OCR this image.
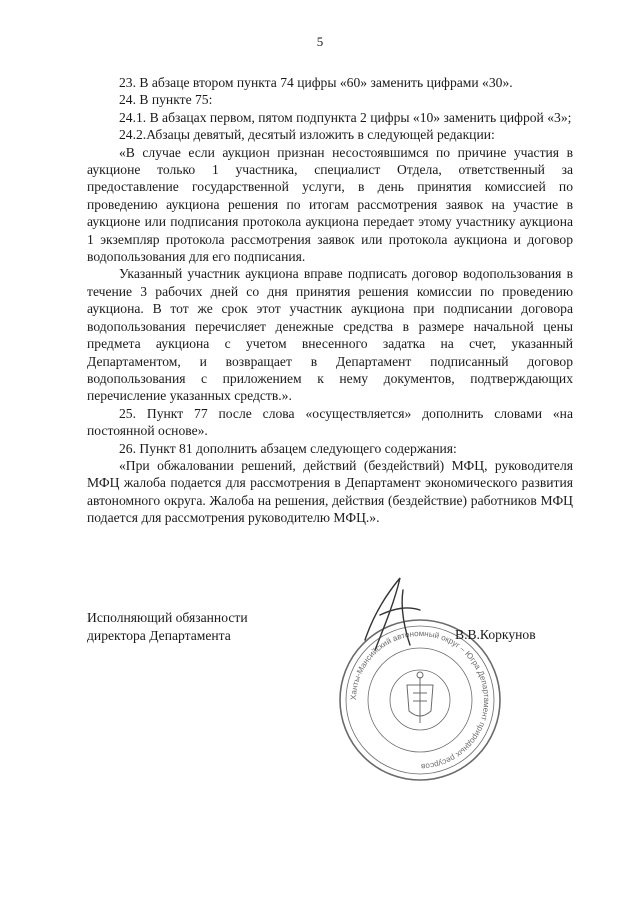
5

23. В абзаце втором пункта 74 цифры «60» заменить цифрами «30».

24. В пункте 75:

24.1. В абзацах первом, пятом подпункта 2 цифры «10» заменить цифрой «3»;

24.2.Абзацы девятый, десятый изложить в следующей редакции:

«В случае если аукцион признан несостоявшимся по причине участия в аукционе только 1 участника, специалист Отдела, ответственный за предоставление государственной услуги, в день принятия комиссией по проведению аукциона решения по итогам рассмотрения заявок на участие в аукционе или подписания протокола аукциона передает этому участнику аукциона 1 экземпляр протокола рассмотрения заявок или протокола аукциона и договор водопользования для его подписания.

Указанный участник аукциона вправе подписать договор водопользования в течение 3 рабочих дней со дня принятия решения комиссии по проведению аукциона. В тот же срок этот участник аукциона при подписании договора водопользования перечисляет денежные средства в размере начальной цены предмета аукциона с учетом внесенного задатка на счет, указанный Департаментом, и возвращает в Департамент подписанный договор водопользования с приложением к нему документов, подтверждающих перечисление указанных средств.».

25. Пункт 77 после слова «осуществляется» дополнить словами «на постоянной основе».

26. Пункт 81 дополнить абзацем следующего содержания:

«При обжаловании решений, действий (бездействий) МФЦ, руководителя МФЦ жалоба подается для рассмотрения в Департамент экономического развития автономного округа. Жалоба на решения, действия (бездействие) работников МФЦ подается для рассмотрения руководителю МФЦ.».

Исполняющий обязанности
директора Департамента
Ханты-Мансийский автономный округ – Югра Департамент природных ресурсов
В.В.Коркунов
